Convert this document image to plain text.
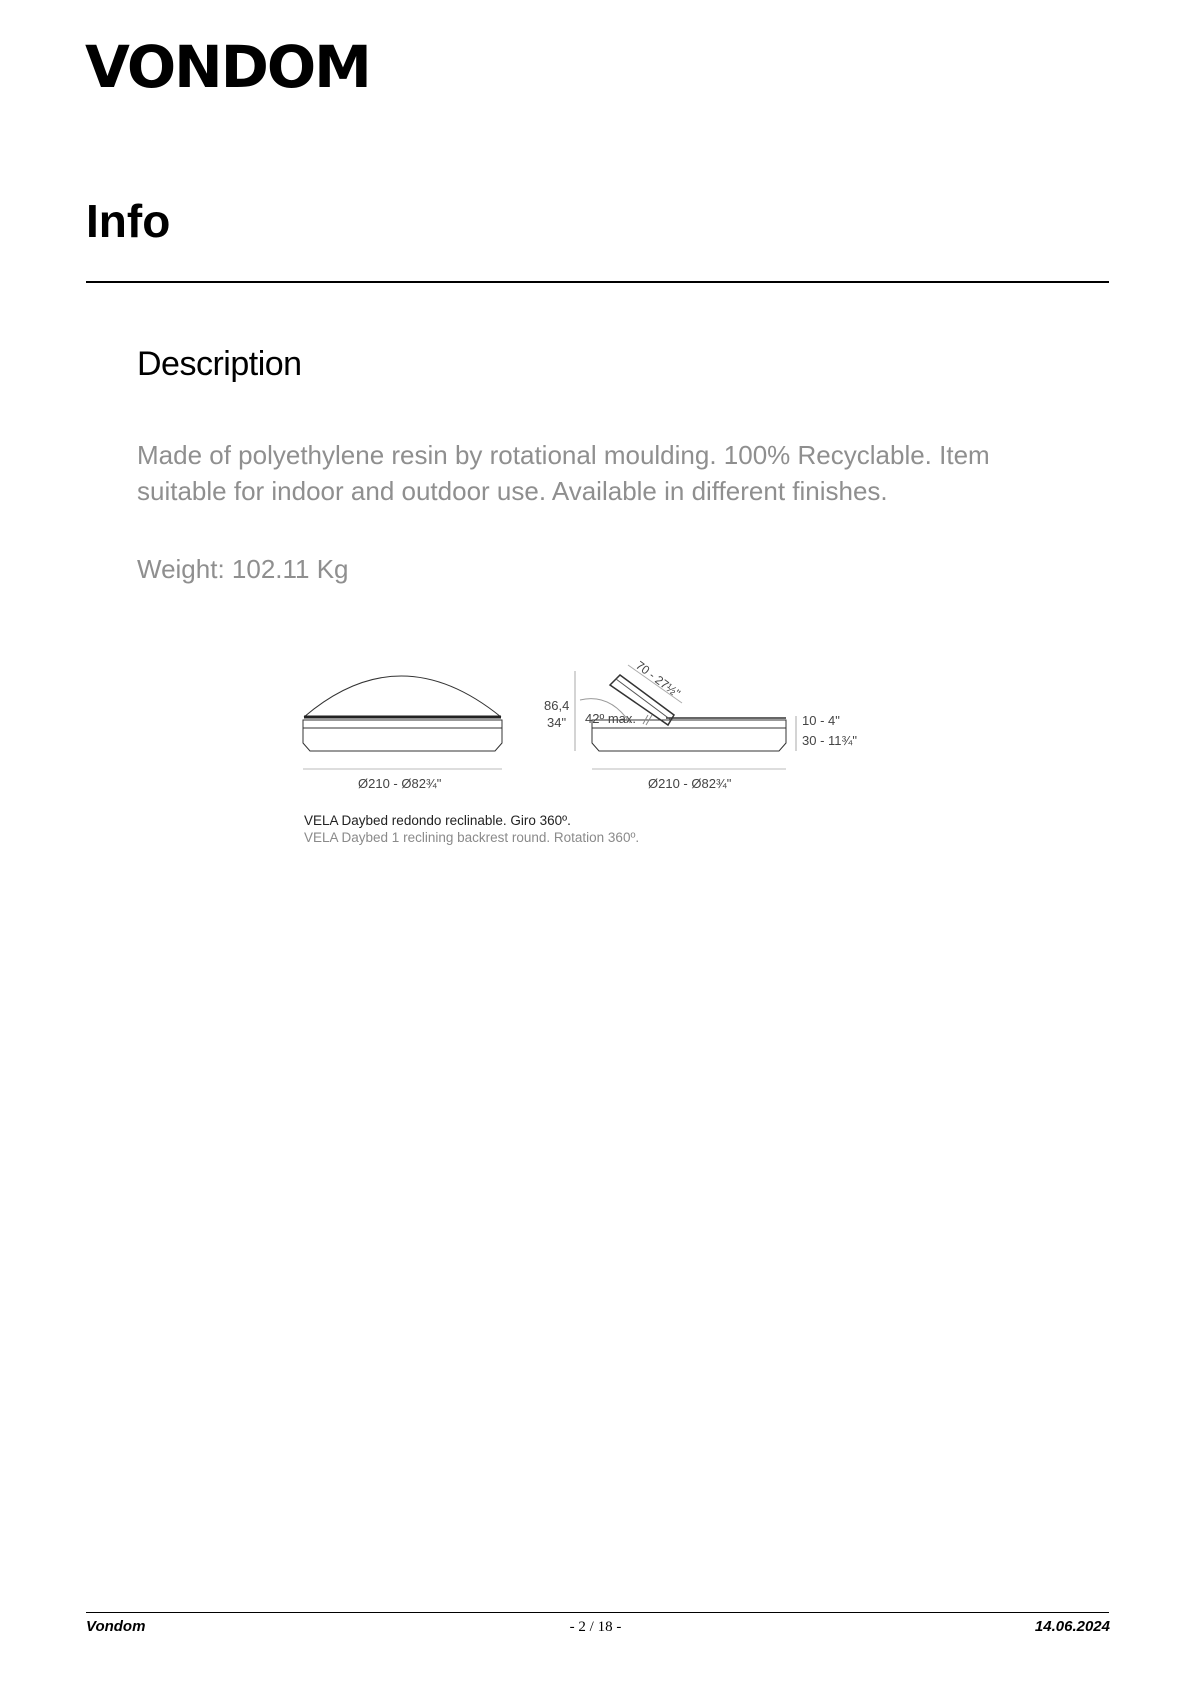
VONDOM
Info
Description

Made of polyethylene resin by rotational moulding. 100% Recyclable. Item suitable for indoor and outdoor use. Available in different finishes.

Weight: 102.11 Kg

Ø210 - Ø82¾"
86,4
34" 42º max.
70 - 27½"
Ø210 - Ø82¾"
10 - 4"
30 - 11¾"
VELA Daybed redondo reclinable. Giro 360º.
VELA Daybed 1 reclining backrest round. Rotation 360º.
Vondom	- 2 / 18 -	14.06.2024
